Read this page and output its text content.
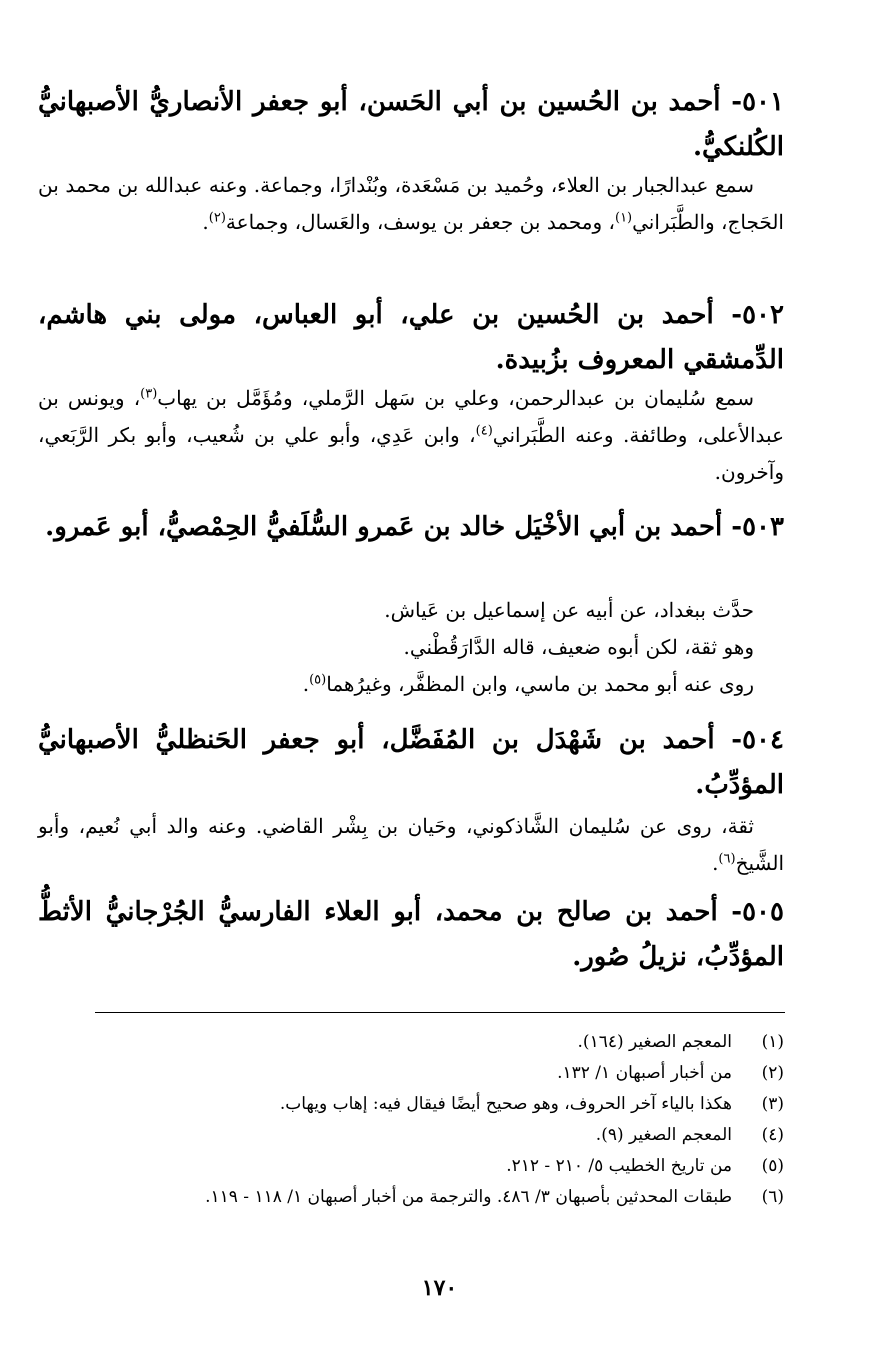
٥٠١- أحمد بن الحُسين بن أبي الحَسن، أبو جعفر الأنصاريُّ الأصبهانيُّ الكُلنكيُّ.

سمع عبدالجبار بن العلاء، وحُميد بن مَسْعَدة، وبُنْدارًا، وجماعة. وعنه عبدالله بن محمد بن الحَجاج، والطَّبَراني$^{(١)}$، ومحمد بن جعفر بن يوسف، والعَسال، وجماعة$^{(٢)}$.

٥٠٢- أحمد بن الحُسين بن علي، أبو العباس، مولى بني هاشم، الدِّمشقي المعروف بزُبيدة.

سمع سُليمان بن عبدالرحمن، وعلي بن سَهل الرَّملي، ومُؤَمَّل بن يهاب$^{(٣)}$، ويونس بن عبدالأعلى، وطائفة. وعنه الطَّبَراني$^{(٤)}$، وابن عَدِي، وأبو علي بن شُعيب، وأبو بكر الرَّبَعي، وآخرون.

٥٠٣- أحمد بن أبي الأخْيَل خالد بن عَمرو السُّلَفيُّ الحِمْصيُّ، أبو عَمرو.

حدَّث ببغداد، عن أبيه عن إسماعيل بن عَياش.
وهو ثقة، لكن أبوه ضعيف، قاله الدَّارَقُطْني.
روى عنه أبو محمد بن ماسي، وابن المظفَّر، وغيرُهما$^{(٥)}$.

٥٠٤- أحمد بن شَهْدَل بن المُفَضَّل، أبو جعفر الحَنظليُّ الأصبهانيُّ المؤدِّبُ.

ثقة، روى عن سُليمان الشَّاذكوني، وحَيان بن بِشْر القاضي. وعنه والد أبي نُعيم، وأبو الشَّيخ$^{(٦)}$.

٥٠٥- أحمد بن صالح بن محمد، أبو العلاء الفارسيُّ الجُرْجانيُّ الأثطُّ المؤدِّبُ، نزيلُ صُور.

(١)المعجم الصغير (١٦٤).
(٢)من أخبار أصبهان ١/ ١٣٢.
(٣)هكذا بالياء آخر الحروف، وهو صحيح أيضًا فيقال فيه: إهاب ويهاب.
(٤)المعجم الصغير (٩).
(٥)من تاريخ الخطيب ٥/ ٢١٠ - ٢١٢.
(٦)طبقات المحدثين بأصبهان ٣/ ٤٨٦. والترجمة من أخبار أصبهان ١/ ١١٨ - ١١٩.
١٧٠
